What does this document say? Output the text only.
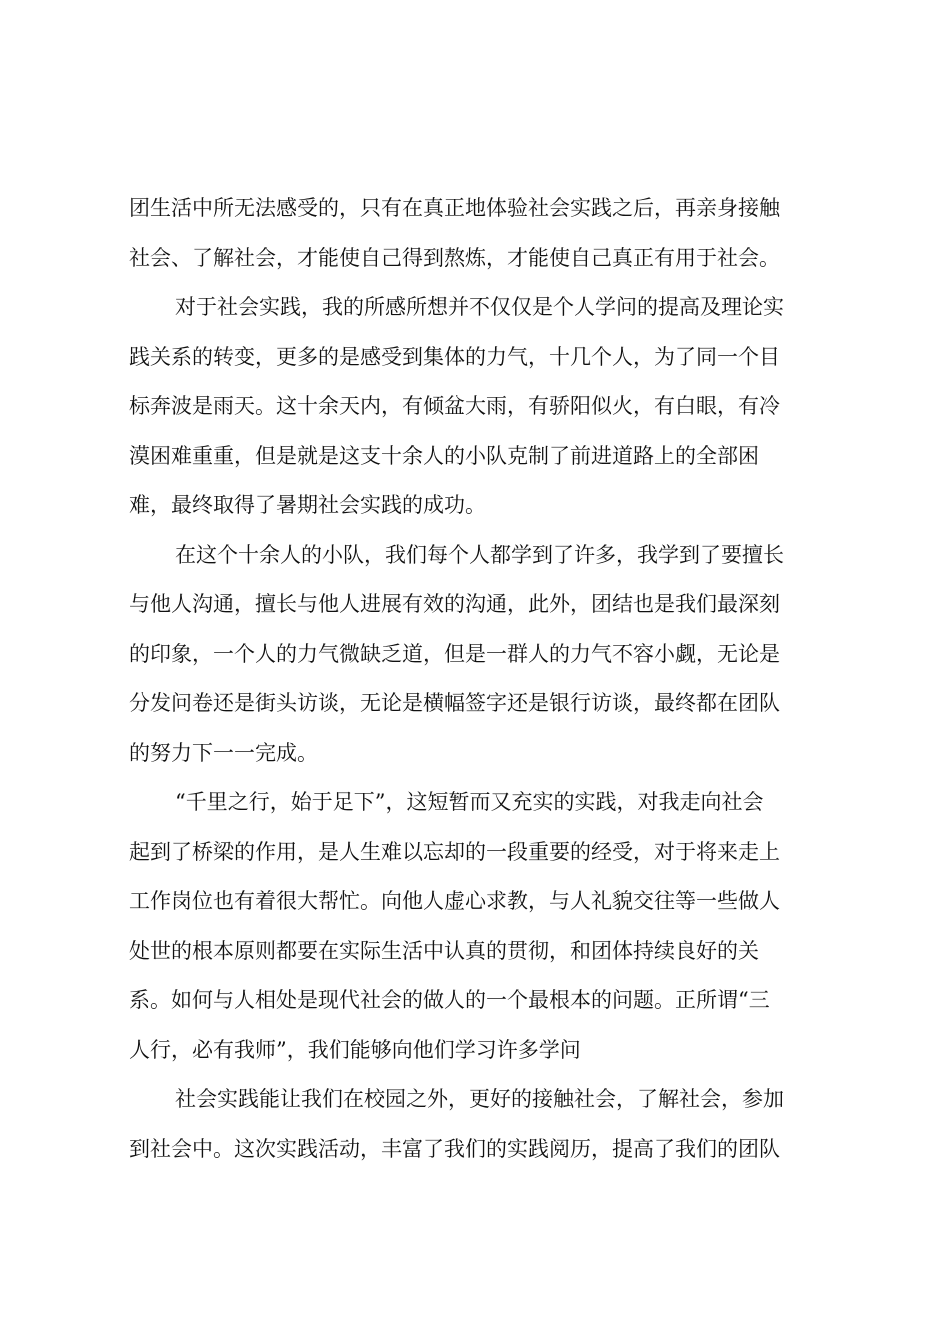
团生活中所无法感受的，只有在真正地体验社会实践之后，再亲身接触
社会、了解社会，才能使自己得到熬炼，才能使自己真正有用于社会。
对于社会实践，我的所感所想并不仅仅是个人学问的提高及理论实
践关系的转变，更多的是感受到集体的力气，十几个人，为了同一个目
标奔波是雨天。这十余天内，有倾盆大雨，有骄阳似火，有白眼，有冷
漠困难重重，但是就是这支十余人的小队克制了前进道路上的全部困
难，最终取得了暑期社会实践的成功。
在这个十余人的小队，我们每个人都学到了许多，我学到了要擅长
与他人沟通，擅长与他人进展有效的沟通，此外，团结也是我们最深刻
的印象，一个人的力气微缺乏道，但是一群人的力气不容小觑，无论是
分发问卷还是街头访谈，无论是横幅签字还是银行访谈，最终都在团队
的努力下一一完成。
“千里之行，始于足下”，这短暂而又充实的实践，对我走向社会
起到了桥梁的作用，是人生难以忘却的一段重要的经受，对于将来走上
工作岗位也有着很大帮忙。向他人虚心求教，与人礼貌交往等一些做人
处世的根本原则都要在实际生活中认真的贯彻，和团体持续良好的关
系。如何与人相处是现代社会的做人的一个最根本的问题。正所谓“三
人行，必有我师”，我们能够向他们学习许多学问
社会实践能让我们在校园之外，更好的接触社会，了解社会，参加
到社会中。这次实践活动，丰富了我们的实践阅历，提高了我们的团队
